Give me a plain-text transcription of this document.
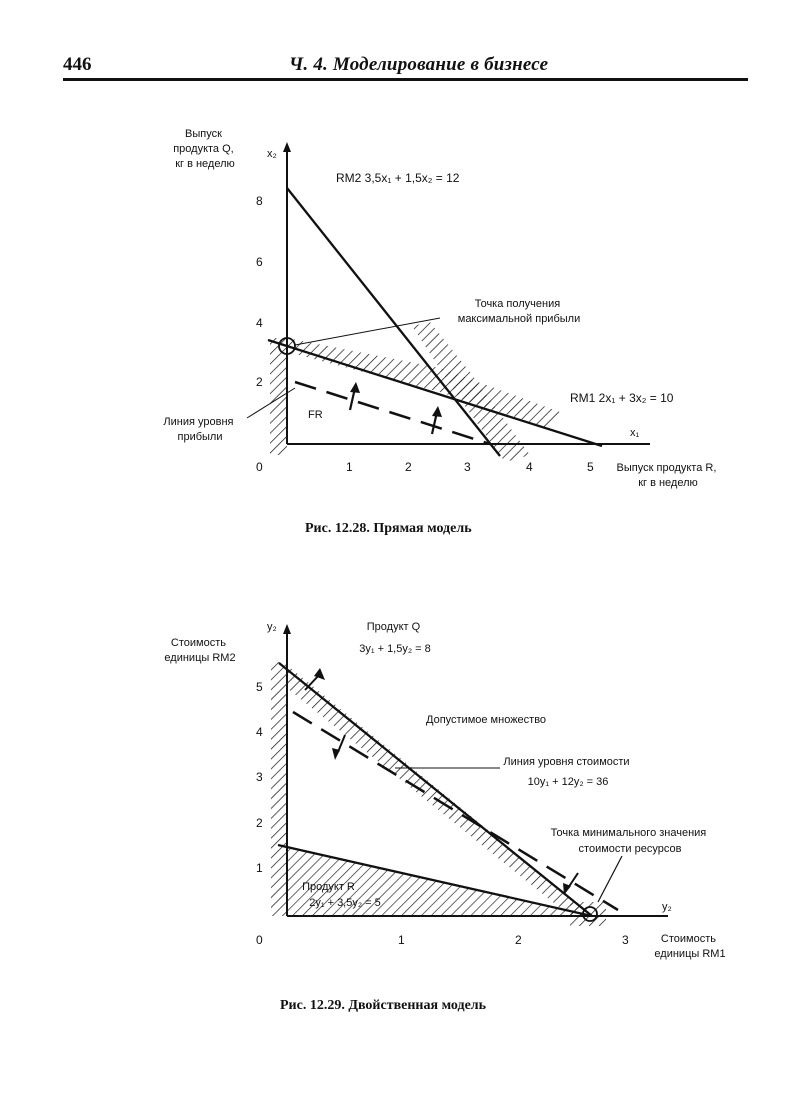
446	Ч. 4. Моделирование в бизнесе
0	1	2	3	4	5
2
4
6
8
Выпуск продукта Q, кг в неделю
x₂
x₁
Выпуск продукта R, кг в неделю
RM2 3,5x₁ + 1,5x₂ = 12
RM1 2x₁ + 3x₂ = 10
Точка получения максимальной прибыли
Линия уровня прибыли
FR
Рис. 12.28. Прямая модель
0	1	2	3
1
2
3
4
5
Стоимость единицы RM2
y₂
y₂
Стоимость единицы RM1
Продукт Q 3y₁ + 1,5y₂ = 8
Допустимое множество
Линия уровня стоимости 10y₁ + 12y₂ = 36
Точка минимального значения стоимости ресурсов
Продукт R 2y₁ + 3,5y₂ = 5
Рис. 12.29. Двойственная модель
